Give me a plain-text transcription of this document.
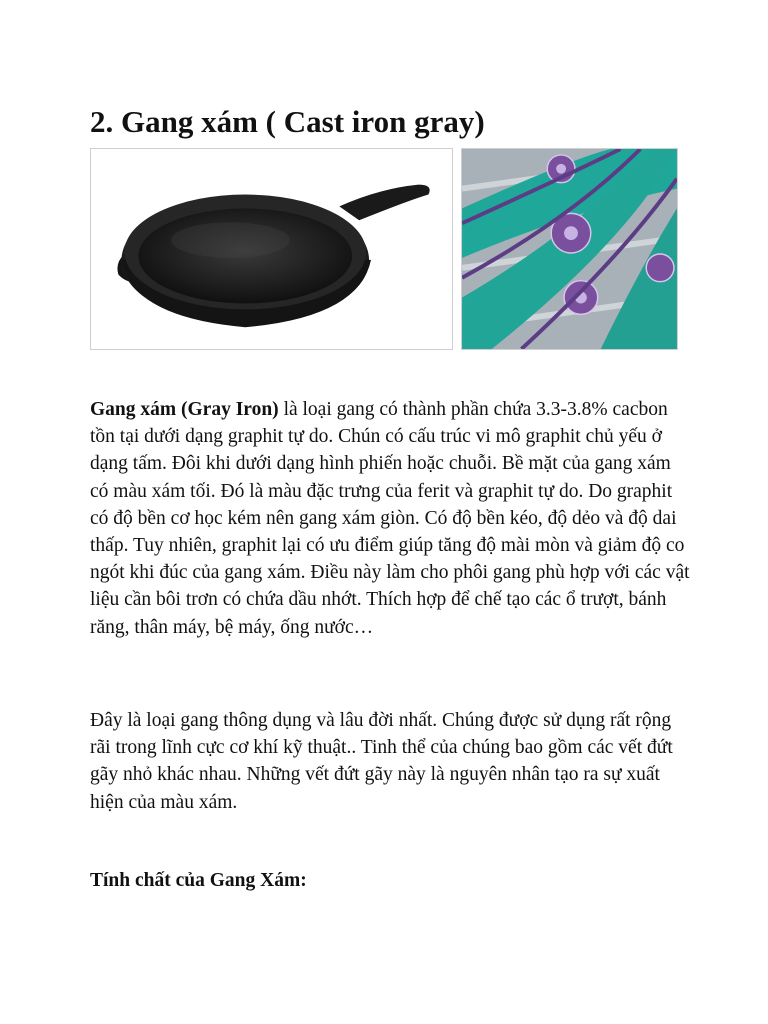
2. Gang xám ( Cast iron gray)

Gang xám (Gray Iron) là loại gang có thành phần chứa 3.3-3.8% cacbon tồn tại dưới dạng graphit tự do. Chún có cấu trúc vi mô graphit chủ yếu ở dạng tấm. Đôi khi dưới dạng hình phiến hoặc chuỗi. Bề mặt của gang xám có màu xám tối. Đó là màu đặc trưng của ferit và graphit tự do. Do graphit có độ bền cơ học kém nên gang xám giòn. Có độ bền kéo, độ dẻo và độ dai thấp. Tuy nhiên, graphit lại có ưu điểm giúp tăng độ mài mòn và giảm độ co ngót khi đúc của gang xám. Điều này làm cho phôi gang phù hợp với các vật liệu cần bôi trơn có chứa dầu nhớt. Thích hợp để chế tạo các ổ trượt, bánh răng, thân máy, bệ máy, ống nước…

Đây là loại gang thông dụng và lâu đời nhất. Chúng được sử dụng rất rộng rãi trong lĩnh cực cơ khí kỹ thuật.. Tinh thể của chúng bao gồm các vết đứt gãy nhỏ khác nhau. Những vết đứt gãy này là nguyên nhân tạo ra sự xuất hiện của màu xám.

Tính chất của Gang Xám:
